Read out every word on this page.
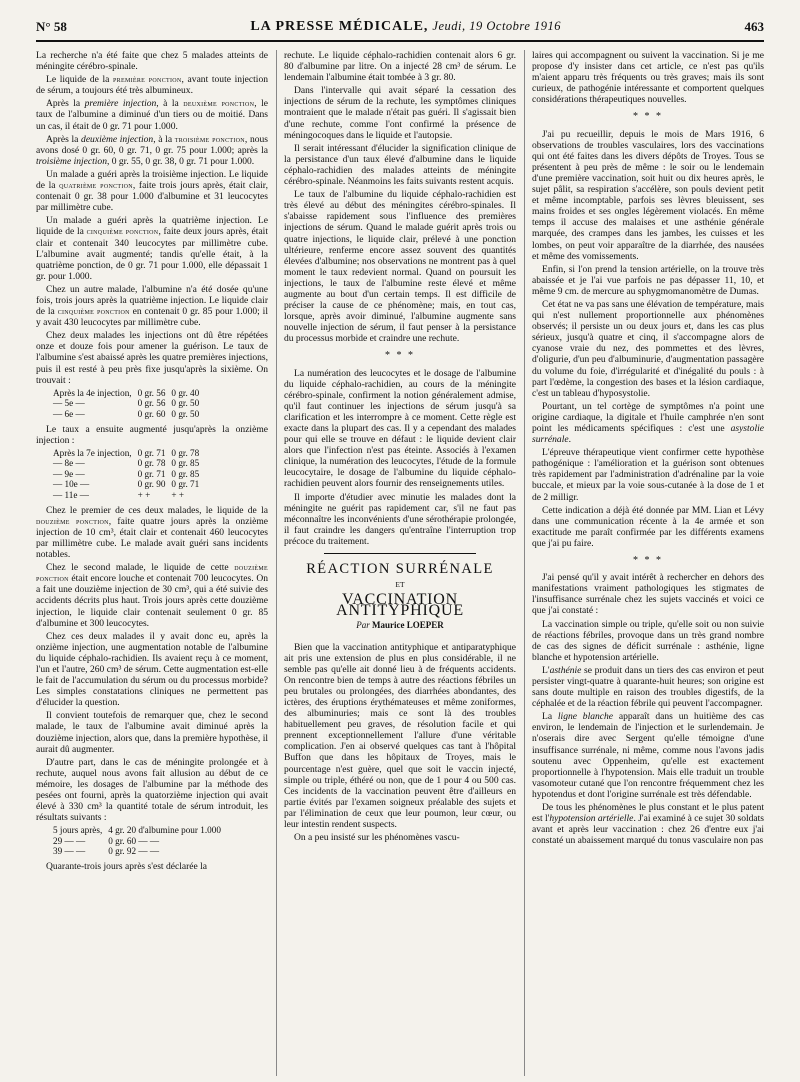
N° 58	LA PRESSE MÉDICALE, Jeudi, 19 Octobre 1916	463

La recherche n'a été faite que chez 5 malades atteints de méningite cérébro-spinale.

Le liquide de la première ponction, avant toute injection de sérum, a toujours été très albumineux.

Après la première injection, à la deuxième ponction, le taux de l'albumine a diminué d'un tiers ou de moitié. Dans un cas, il était de 0 gr. 71 pour 1.000.

Après la deuxième injection, à la troisième ponction, nous avons dosé 0 gr. 60, 0 gr. 71, 0 gr. 75 pour 1.000; après la troisième injection, 0 gr. 55, 0 gr. 38, 0 gr. 71 pour 1.000.

Un malade a guéri après la troisième injection. Le liquide de la quatrième ponction, faite trois jours après, était clair, contenait 0 gr. 38 pour 1.000 d'albumine et 31 leucocytes par millimètre cube.

Un malade a guéri après la quatrième injection. Le liquide de la cinquième ponction, faite deux jours après, était clair et contenait 340 leucocytes par millimètre cube. L'albumine avait augmenté; tandis qu'elle était, à la quatrième ponction, de 0 gr. 71 pour 1.000, elle dépassait 1 gr. pour 1.000.

Chez un autre malade, l'albumine n'a été dosée qu'une fois, trois jours après la quatrième injection. Le liquide clair de la cinquième ponction en contenait 0 gr. 85 pour 1.000; il y avait 430 leucocytes par millimètre cube.

Chez deux malades les injections ont dû être répétées onze et douze fois pour amener la guérison. Le taux de l'albumine s'est abaissé après les quatre premières injections, puis il est resté à peu près fixe jusqu'après la sixième. On trouvait :

Après la 4e injection,	0 gr. 56	0 gr. 40
— 5e —	0 gr. 56	0 gr. 50
— 6e —	0 gr. 60	0 gr. 50

Le taux a ensuite augmenté jusqu'après la onzième injection :

Après la 7e injection,	0 gr. 71	0 gr. 78
— 8e —	0 gr. 78	0 gr. 85
— 9e —	0 gr. 71	0 gr. 85
— 10e —	0 gr. 90	0 gr. 71
— 11e —	+ +	+ +

Chez le premier de ces deux malades, le liquide de la douzième ponction, faite quatre jours après la onzième injection de 10 cm³, était clair et contenait 460 leucocytes par millimètre cube. Le malade avait guéri sans incidents notables.

Chez le second malade, le liquide de cette douzième ponction était encore louche et contenait 700 leucocytes. On a fait une douzième injection de 30 cm³, qui a été suivie des accidents décrits plus haut. Trois jours après cette douzième injection, le liquide clair contenait seulement 0 gr. 85 d'albumine et 300 leucocytes.

Chez ces deux malades il y avait donc eu, après la onzième injection, une augmentation notable de l'albumine du liquide céphalo-rachidien. Ils avaient reçu à ce moment, l'un et l'autre, 260 cm³ de sérum. Cette augmentation est-elle le fait de l'accumulation du sérum ou du processus morbide? Les simples constatations cliniques ne permettent pas d'élucider la question.

Il convient toutefois de remarquer que, chez le second malade, le taux de l'albumine avait diminué après la douzième injection, alors que, dans la première hypothèse, il aurait dû augmenter.

D'autre part, dans le cas de méningite prolongée et à rechute, auquel nous avons fait allusion au début de ce mémoire, les dosages de l'albumine par la méthode des pesées ont fourni, après la quatorzième injection qui avait élevé à 330 cm³ la quantité totale de sérum introduit, les résultats suivants :

5 jours après,	4 gr. 20 d'albumine pour 1.000
29 — —	0 gr. 60 — —
39 — —	0 gr. 92 — —

Quarante-trois jours après s'est déclarée la

rechute. Le liquide céphalo-rachidien contenait alors 6 gr. 80 d'albumine par litre. On a injecté 28 cm³ de sérum. Le lendemain l'albumine était tombée à 3 gr. 80.

Dans l'intervalle qui avait séparé la cessation des injections de sérum de la rechute, les symptômes cliniques montraient que le malade n'était pas guéri. Il s'agissait bien d'une rechute, comme l'ont confirmé la présence de méningocoques dans le liquide et l'autopsie.

Il serait intéressant d'élucider la signification clinique de la persistance d'un taux élevé d'albumine dans le liquide céphalo-rachidien des malades atteints de méningite cérébro-spinale. Néanmoins les faits suivants restent acquis.

Le taux de l'albumine du liquide céphalo-rachidien est très élevé au début des méningites cérébro-spinales. Il s'abaisse rapidement sous l'influence des premières injections de sérum. Quand le malade guérit après trois ou quatre injections, le liquide clair, prélevé à une ponction ultérieure, renferme encore assez souvent des quantités élevées d'albumine; nos observations ne montrent pas à quel moment le taux redevient normal. Quand on poursuit les injections, le taux de l'albumine reste élevé et même augmente au bout d'un certain temps. Il est difficile de préciser la cause de ce phénomène; mais, en tout cas, lorsque, après avoir diminué, l'albumine augmente sans nouvelle injection de sérum, il faut penser à la persistance du processus morbide et craindre une rechute.

* * *

La numération des leucocytes et le dosage de l'albumine du liquide céphalo-rachidien, au cours de la méningite cérébro-spinale, confirment la notion généralement admise, qu'il faut continuer les injections de sérum jusqu'à sa clarification et les interrompre à ce moment. Cette règle est exacte dans la plupart des cas. Il y a cependant des malades pour qui elle se trouve en défaut : le liquide devient clair alors que l'infection n'est pas éteinte. Associés à l'examen clinique, la numération des leucocytes, l'étude de la formule leucocytaire, le dosage de l'albumine du liquide céphalo-rachidien peuvent alors fournir des renseignements utiles.

Il importe d'étudier avec minutie les malades dont la méningite ne guérit pas rapidement car, s'il ne faut pas méconnaître les inconvénients d'une sérothérapie prolongée, il faut craindre les dangers qu'entraîne l'interruption trop précoce du traitement.

RÉACTION SURRÉNALE
ET
VACCINATION ANTITYPHIQUE
Par Maurice LOEPER

Bien que la vaccination antityphique et antiparatyphique ait pris une extension de plus en plus considérable, il ne semble pas qu'elle ait donné lieu à de fréquents accidents. On rencontre bien de temps à autre des réactions fébriles un peu brutales ou prolongées, des diarrhées abondantes, des ictères, des éruptions érythémateuses et même zoniformes, des albuminuries; mais ce sont là des troubles habituellement peu graves, de résolution facile et qui prennent exceptionnellement l'allure d'une véritable complication. J'en ai observé quelques cas tant à l'hôpital Buffon que dans les hôpitaux de Troyes, mais le pourcentage n'est guère, quel que soit le vaccin injecté, simple ou triple, éthéré ou non, que de 1 pour 4 ou 500 cas. Ces incidents de la vaccination peuvent être d'ailleurs en partie évités par l'examen soigneux préalable des sujets et par l'élimination de ceux que leur poumon, leur cœur, ou leur intestin rendent suspects.

On a peu insisté sur les phénomènes vascu-

laires qui accompagnent ou suivent la vaccination. Si je me propose d'y insister dans cet article, ce n'est pas qu'ils m'aient apparu très fréquents ou très graves; mais ils sont curieux, de pathogénie intéressante et comportent quelques considérations thérapeutiques nouvelles.

* * *

J'ai pu recueillir, depuis le mois de Mars 1916, 6 observations de troubles vasculaires, lors des vaccinations qui ont été faites dans les divers dépôts de Troyes. Tous se présentent à peu près de même : le soir ou le lendemain d'une première vaccination, soit huit ou dix heures après, le sujet pâlit, sa respiration s'accélère, son pouls devient petit et même incomptable, parfois ses lèvres bleuissent, ses mains froides et ses ongles légèrement violacés. En même temps il accuse des malaises et une asthénie générale marquée, des crampes dans les jambes, les cuisses et les lombes, on peut voir apparaître de la diarrhée, des nausées et même des vomissements.

Enfin, si l'on prend la tension artérielle, on la trouve très abaissée et je l'ai vue parfois ne pas dépasser 11, 10, et même 9 cm. de mercure au sphygmomanomètre de Dumas.

Cet état ne va pas sans une élévation de température, mais qui n'est nullement proportionnelle aux phénomènes observés; il persiste un ou deux jours et, dans les cas plus sérieux, jusqu'à quatre et cinq, il s'accompagne alors de cyanose vraie du nez, des pommettes et des lèvres, d'oligurie, d'un peu d'albuminurie, d'augmentation passagère du volume du foie, d'irrégularité et d'inégalité du pouls : à part l'œdème, la congestion des bases et la lésion cardiaque, c'est un tableau d'hyposystolie.

Pourtant, un tel cortège de symptômes n'a point une origine cardiaque, la digitale et l'huile camphrée n'en sont point les médicaments spécifiques : c'est une asystolie surrénale.

L'épreuve thérapeutique vient confirmer cette hypothèse pathogénique : l'amélioration et la guérison sont obtenues très rapidement par l'administration d'adrénaline par la voie buccale, et mieux par la voie sous-cutanée à la dose de 1 et de 2 milligr.

Cette indication a déjà été donnée par MM. Lian et Lévy dans une communication récente à la 4e armée et son exactitude me paraît confirmée par les différents examens que j'ai pu faire.

* * *

J'ai pensé qu'il y avait intérêt à rechercher en dehors des manifestations vraiment pathologiques les stigmates de l'insuffisance surrénale chez les sujets vaccinés et voici ce que j'ai constaté :

La vaccination simple ou triple, qu'elle soit ou non suivie de réactions fébriles, provoque dans un très grand nombre de cas des signes de déficit surrénale : asthénie, ligne blanche et hypotension artérielle.

L'asthénie se produit dans un tiers des cas environ et peut persister vingt-quatre à quarante-huit heures; son origine est sans doute multiple en raison des troubles digestifs, de la céphalée et de la réaction fébrile qui peuvent l'accompagner.

La ligne blanche apparaît dans un huitième des cas environ, le lendemain de l'injection et le surlendemain. Je n'oserais dire avec Sergent qu'elle témoigne d'une insuffisance surrénale, ni même, comme nous l'avons jadis soutenu avec Oppenheim, qu'elle est exactement proportionnelle à l'hypotension. Mais elle traduit un trouble vasomoteur cutané que l'on rencontre fréquemment chez les hypotendus et dont l'origine surrénale est très défendable.

De tous les phénomènes le plus constant et le plus patent est l'hypotension artérielle. J'ai examiné à ce sujet 30 soldats avant et après leur vaccination : chez 26 d'entre eux j'ai constaté un abaissement marqué du tonus vasculaire non pas
